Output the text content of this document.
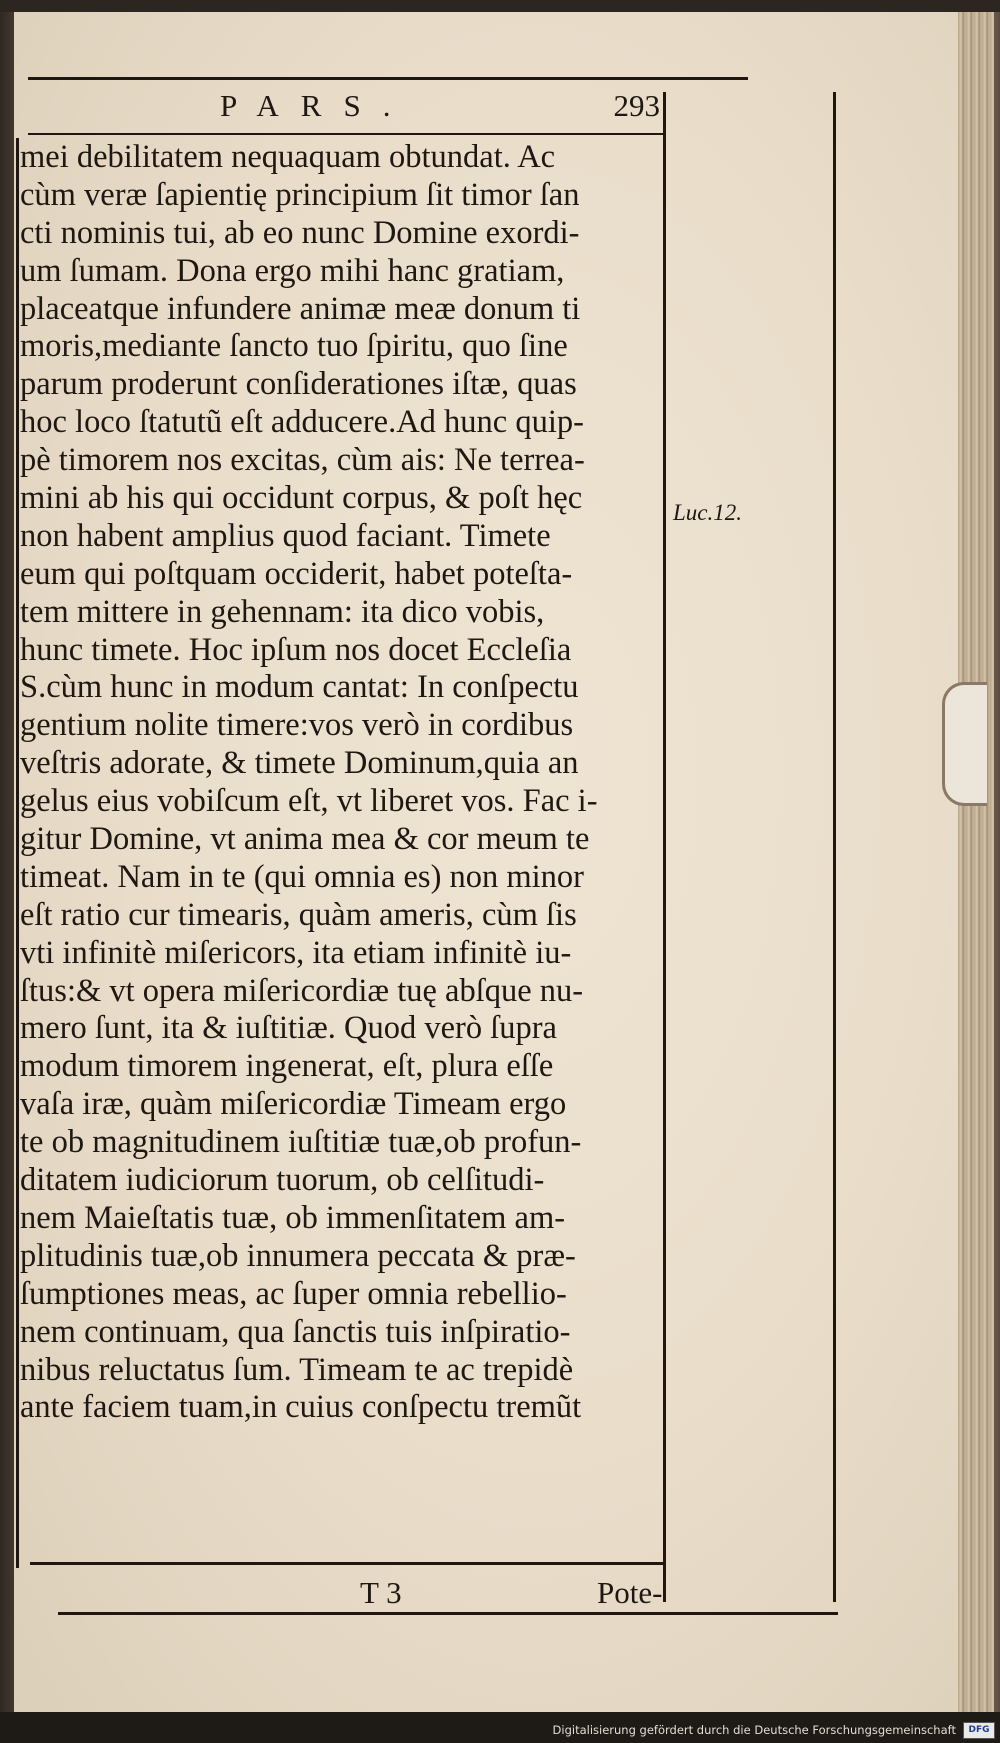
PARS.	293
mei debilitatem nequaquam obtundat. Ac
cùm veræ ſapientię principium ſit timor ſan
cti nominis tui, ab eo nunc Domine exordi-
um ſumam. Dona ergo mihi hanc gratiam,
placeatque infundere animæ meæ donum ti
moris,mediante ſancto tuo ſpiritu, quo ſine
parum proderunt conſiderationes iſtæ, quas
hoc loco ſtatutũ eſt adducere.Ad hunc quip-
pè timorem nos excitas, cùm ais: Ne terrea-
mini ab his qui occidunt corpus, & poſt hęc
non habent amplius quod faciant. Timete
eum qui poſtquam occiderit, habet poteſta-
tem mittere in gehennam: ita dico vobis,
hunc timete. Hoc ipſum nos docet Eccleſia
S.cùm hunc in modum cantat: In conſpectu
gentium nolite timere:vos verò in cordibus
veſtris adorate, & timete Dominum,quia an
gelus eius vobiſcum eſt, vt liberet vos. Fac i-
gitur Domine, vt anima mea & cor meum te
timeat. Nam in te (qui omnia es) non minor
eſt ratio cur timearis, quàm ameris, cùm ſis
vti infinitè miſericors, ita etiam infinitè iu-
ſtus:& vt opera miſericordiæ tuę abſque nu-
mero ſunt, ita & iuſtitiæ. Quod verò ſupra
modum timorem ingenerat, eſt, plura eſſe
vaſa iræ, quàm miſericordiæ Timeam ergo
te ob magnitudinem iuſtitiæ tuæ,ob profun-
ditatem iudiciorum tuorum, ob celſitudi-
nem Maieſtatis tuæ, ob immenſitatem am-
plitudinis tuæ,ob innumera peccata & præ-
ſumptiones meas, ac ſuper omnia rebellio-
nem continuam, qua ſanctis tuis inſpiratio-
nibus reluctatus ſum. Timeam te ac trepidè
ante faciem tuam,in cuius conſpectu tremũt
Luc.12.
T 3	Pote-
Digitalisierung gefördert durch die Deutsche Forschungsgemeinschaft	DFG
